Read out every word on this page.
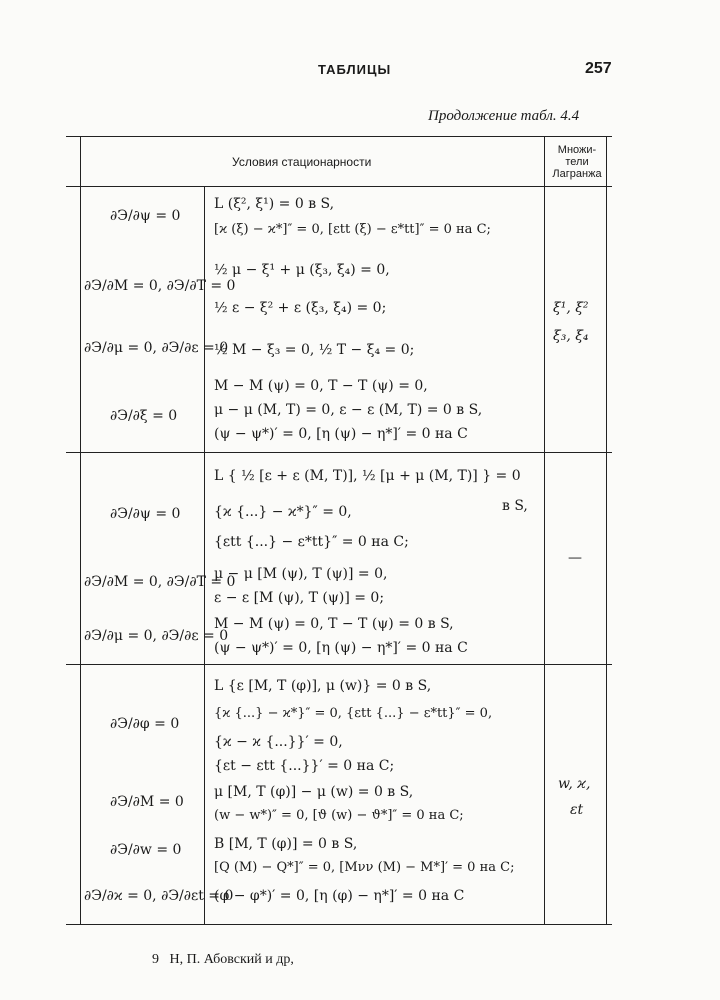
ТАБЛИЦЫ	257
Продолжение табл. 4.4
Условия стационарности
Множи-тели Лагранжа
∂Э/∂ψ = 0
∂Э/∂M = 0, ∂Э/∂T = 0
∂Э/∂μ = 0, ∂Э/∂ε = 0
∂Э/∂ξ = 0
L (ξ², ξ¹) = 0 в S,
[ϰ (ξ) − ϰ*]″ = 0, [εtt (ξ) − ε*tt]″ = 0 на C;
½ μ − ξ¹ + μ (ξ₃, ξ₄) = 0,
½ ε − ξ² + ε (ξ₃, ξ₄) = 0;
½ M − ξ₃ = 0, ½ T − ξ₄ = 0;
M − M (ψ) = 0, T − T (ψ) = 0,
μ − μ (M, T) = 0, ε − ε (M, T) = 0 в S,
(ψ − ψ*)′ = 0, [η (ψ) − η*]′ = 0 на C
ξ¹, ξ²
ξ₃, ξ₄
∂Э/∂ψ = 0
∂Э/∂M = 0, ∂Э/∂T = 0
∂Э/∂μ = 0, ∂Э/∂ε = 0
L { ½ [ε + ε (M, T)], ½ [μ + μ (M, T)] } = 0
в S,
{ϰ {...} − ϰ*}″ = 0,
{εtt {...} − ε*tt}″ = 0 на C;
μ − μ [M (ψ), T (ψ)] = 0,
ε − ε [M (ψ), T (ψ)] = 0;
M − M (ψ) = 0, T − T (ψ) = 0 в S,
(ψ − ψ*)′ = 0, [η (ψ) − η*]′ = 0 на C
—
∂Э/∂φ = 0
∂Э/∂M = 0
∂Э/∂w = 0
∂Э/∂ϰ = 0, ∂Э/∂εt = 0
L {ε [M, T (φ)], μ (w)} = 0 в S,
{ϰ {...} − ϰ*}″ = 0, {εtt {...} − ε*tt}″ = 0,
{ϰ − ϰ {...}}′ = 0,
{εt − εtt {...}}′ = 0 на C;
μ [M, T (φ)] − μ (w) = 0 в S,
(w − w*)″ = 0, [ϑ (w) − ϑ*]″ = 0 на C;
B [M, T (φ)] = 0 в S,
[Q (M) − Q*]″ = 0, [Mνν (M) − M*]′ = 0 на C;
(φ − φ*)′ = 0, [η (φ) − η*]′ = 0 на C
w, ϰ,
εt
9 Н, П. Абовский и др,
